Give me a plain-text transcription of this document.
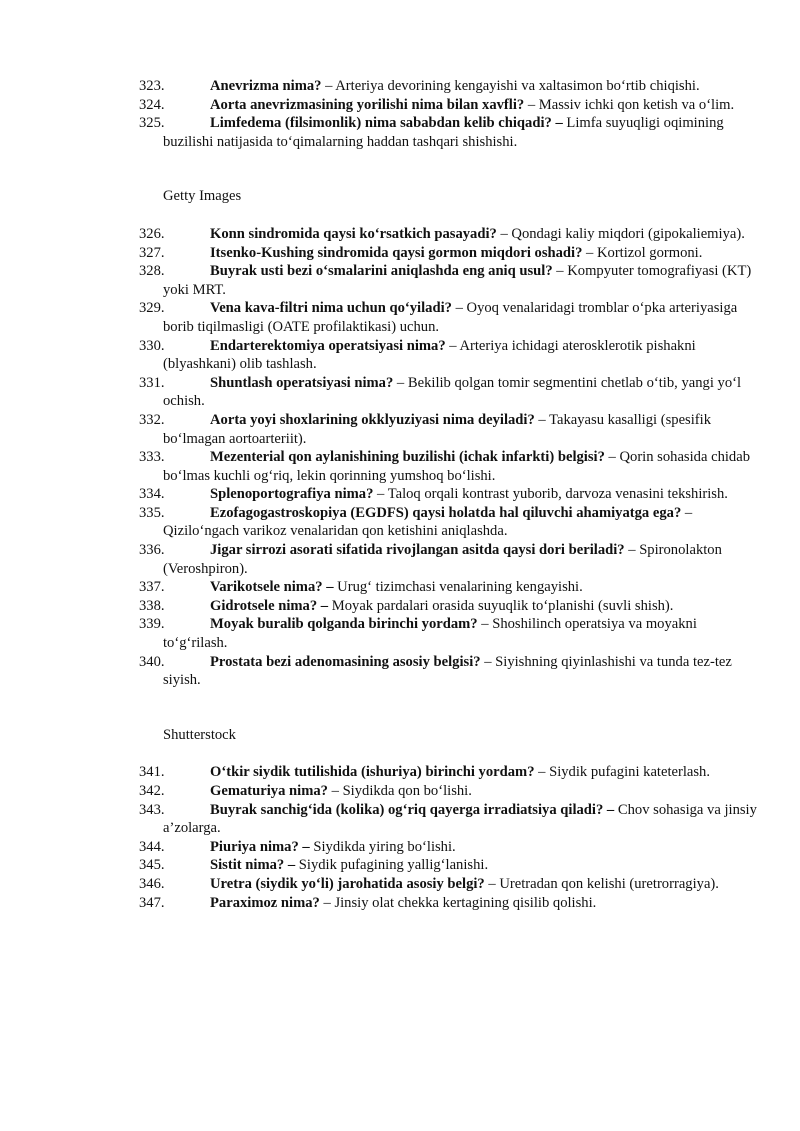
323.	Anevrizma nima? – Arteriya devorining kengayishi va xaltasimon bo‘rtib chiqishi.
324.	Aorta anevrizmasining yorilishi nima bilan xavfli? – Massiv ichki qon ketish va o‘lim.
325.	Limfedema (filsimonlik) nima sababdan kelib chiqadi? – Limfa suyuqligi oqimining buzilishi natijasida to‘qimalarning haddan tashqari shishishi.
Getty Images
326.	Konn sindromida qaysi ko‘rsatkich pasayadi? – Qondagi kaliy miqdori (gipokaliemiya).
327.	Itsenko-Kushing sindromida qaysi gormon miqdori oshadi? – Kortizol gormoni.
328.	Buyrak usti bezi o‘smalarini aniqlashda eng aniq usul? – Kompyuter tomografiyasi (KT) yoki MRT.
329.	Vena kava-filtri nima uchun qo‘yiladi? – Oyoq venalaridagi tromblar o‘pka arteriyasiga borib tiqilmasligi (OATE profilaktikasi) uchun.
330.	Endarterektomiya operatsiyasi nima? – Arteriya ichidagi aterosklerotik pishakni (blyashkani) olib tashlash.
331.	Shuntlash operatsiyasi nima? – Bekilib qolgan tomir segmentini chetlab o‘tib, yangi yo‘l ochish.
332.	Aorta yoyi shoxlarining okklyuziyasi nima deyiladi? – Takayasu kasalligi (spesifik bo‘lmagan aortoarteriit).
333.	Mezenterial qon aylanishining buzilishi (ichak infarkti) belgisi? – Qorin sohasida chidab bo‘lmas kuchli og‘riq, lekin qorinning yumshoq bo‘lishi.
334.	Splenoportografiya nima? – Taloq orqali kontrast yuborib, darvoza venasini tekshirish.
335.	Ezofagogastroskopiya (EGDFS) qaysi holatda hal qiluvchi ahamiyatga ega? – Qizilo‘ngach varikoz venalaridan qon ketishini aniqlashda.
336.	Jigar sirrozi asorati sifatida rivojlangan asitda qaysi dori beriladi? – Spironolakton (Veroshpiron).
337.	Varikotsele nima? – Urug‘ tizimchasi venalarining kengayishi.
338.	Gidrotsele nima? – Moyak pardalari orasida suyuqlik to‘planishi (suvli shish).
339.	Moyak buralib qolganda birinchi yordam? – Shoshilinch operatsiya va moyakni to‘g‘rilash.
340.	Prostata bezi adenomasining asosiy belgisi? – Siyishning qiyinlashishi va tunda tez-tez siyish.
Shutterstock
341.	O‘tkir siydik tutilishida (ishuriya) birinchi yordam? – Siydik pufagini kateterlash.
342.	Gematuriya nima? – Siydikda qon bo‘lishi.
343.	Buyrak sanchig‘ida (kolika) og‘riq qayerga irradiatsiya qiladi? – Chov sohasiga va jinsiy a’zolarga.
344.	Piuriya nima? – Siydikda yiring bo‘lishi.
345.	Sistit nima? – Siydik pufagining yallig‘lanishi.
346.	Uretra (siydik yo‘li) jarohatida asosiy belgi? – Uretradan qon kelishi (uretrorragiya).
347.	Paraximoz nima? – Jinsiy olat chekka kertagining qisilib qolishi.
